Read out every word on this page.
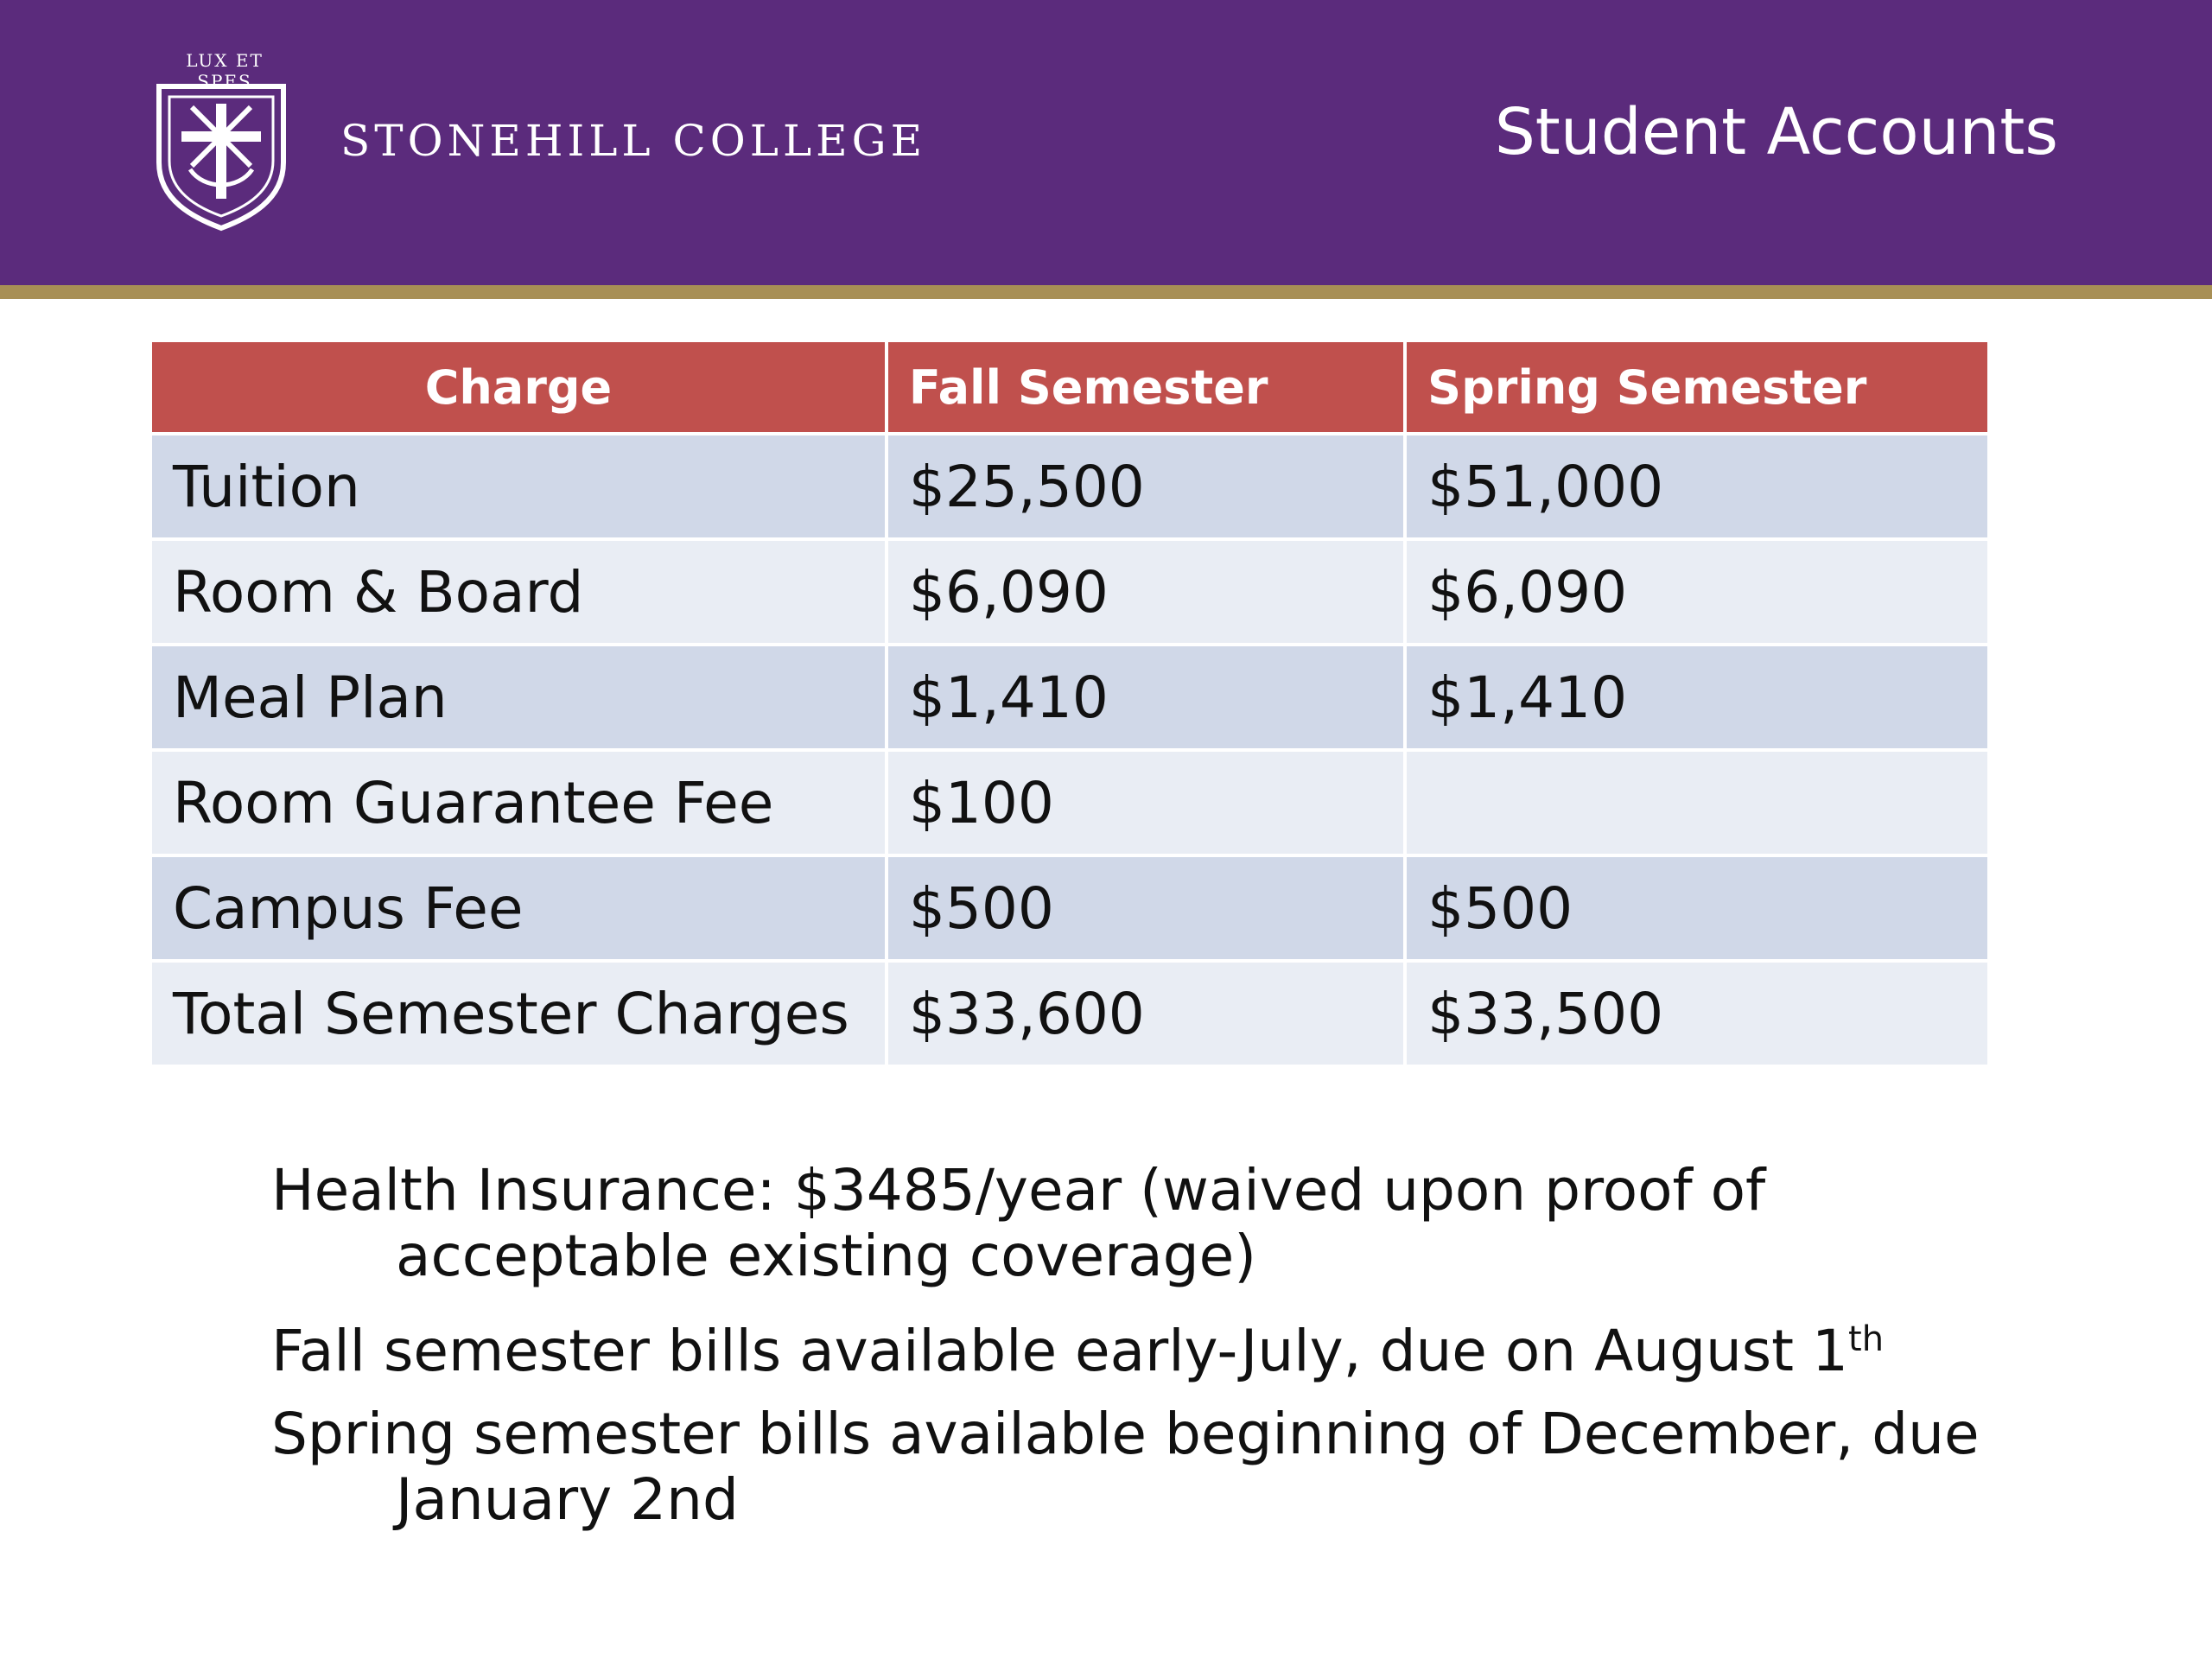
LUX ET SPES
STONEHILL COLLEGE	Student Accounts
Charge	Fall Semester	Spring Semester
Tuition	$25,500	$51,000
Room & Board	$6,090	$6,090
Meal Plan	$1,410	$1,410
Room Guarantee Fee	$100	
Campus Fee	$500	$500
Total Semester Charges	$33,600	$33,500

Health Insurance: $3485/year (waived upon proof of
acceptable existing coverage)

Fall semester bills available early-July, due on August 1th

Spring semester bills available beginning of December, due
January 2nd
